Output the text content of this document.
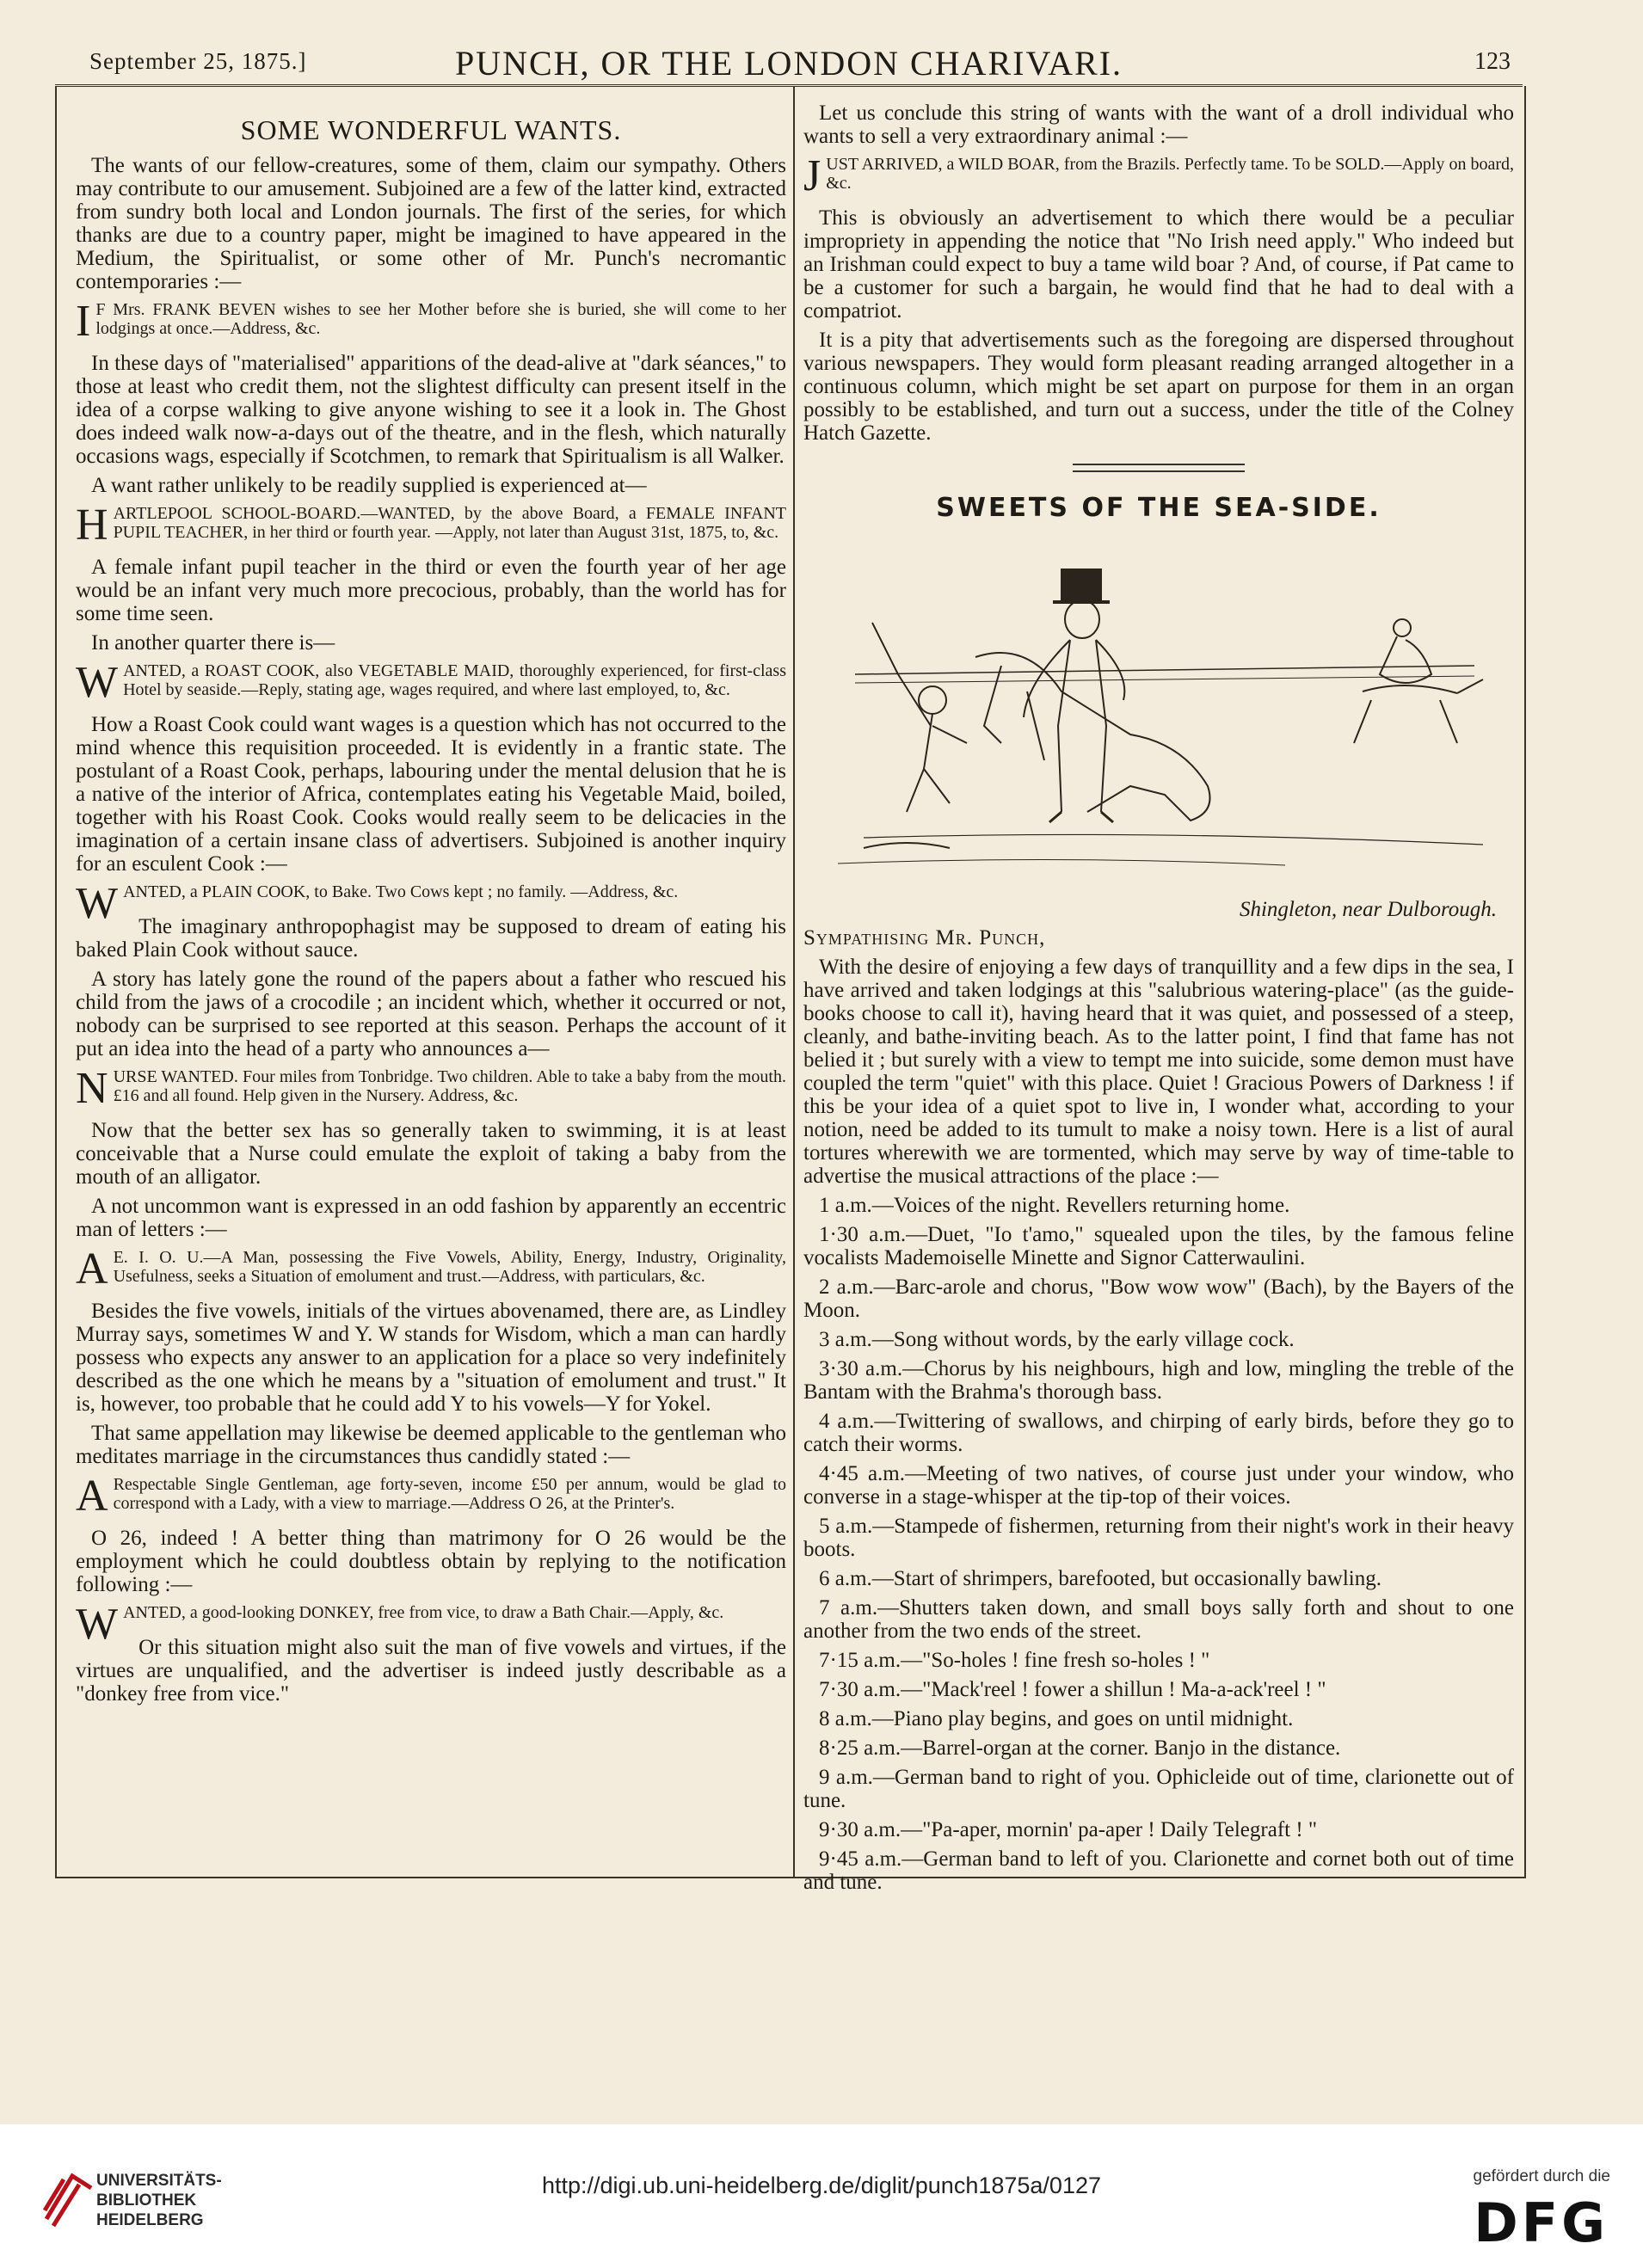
September 25, 1875.]	PUNCH, OR THE LONDON CHARIVARI.	123
SOME WONDERFUL WANTS.

The wants of our fellow-creatures, some of them, claim our sympathy. Others may contribute to our amusement. Subjoined are a few of the latter kind, extracted from sundry both local and London journals. The first of the series, for which thanks are due to a country paper, might be imagined to have appeared in the Medium, the Spiritualist, or some other of Mr. Punch's necromantic contemporaries :—

I F Mrs. FRANK BEVEN wishes to see her Mother before she is buried, she will come to her lodgings at once.—Address, &c.

In these days of "materialised" apparitions of the dead-alive at "dark séances," to those at least who credit them, not the slightest difficulty can present itself in the idea of a corpse walking to give anyone wishing to see it a look in. The Ghost does indeed walk now-a-days out of the theatre, and in the flesh, which naturally occasions wags, especially if Scotchmen, to remark that Spiritualism is all Walker.

A want rather unlikely to be readily supplied is experienced at—

HARTLEPOOL SCHOOL-BOARD.—WANTED, by the above Board, a FEMALE INFANT PUPIL TEACHER, in her third or fourth year. —Apply, not later than August 31st, 1875, to, &c.

A female infant pupil teacher in the third or even the fourth year of her age would be an infant very much more precocious, probably, than the world has for some time seen.

In another quarter there is—

WANTED, a ROAST COOK, also VEGETABLE MAID, thoroughly experienced, for first-class Hotel by seaside.—Reply, stating age, wages required, and where last employed, to, &c.

How a Roast Cook could want wages is a question which has not occurred to the mind whence this requisition proceeded. It is evidently in a frantic state. The postulant of a Roast Cook, perhaps, labouring under the mental delusion that he is a native of the interior of Africa, contemplates eating his Vegetable Maid, boiled, together with his Roast Cook. Cooks would really seem to be delicacies in the imagination of a certain insane class of advertisers. Subjoined is another inquiry for an esculent Cook :—

WANTED, a PLAIN COOK, to Bake. Two Cows kept ; no family. —Address, &c.

The imaginary anthropophagist may be supposed to dream of eating his baked Plain Cook without sauce.

A story has lately gone the round of the papers about a father who rescued his child from the jaws of a crocodile ; an incident which, whether it occurred or not, nobody can be surprised to see reported at this season. Perhaps the account of it put an idea into the head of a party who announces a—

NURSE WANTED. Four miles from Tonbridge. Two children. Able to take a baby from the mouth. £16 and all found. Help given in the Nursery. Address, &c.

Now that the better sex has so generally taken to swimming, it is at least conceivable that a Nurse could emulate the exploit of taking a baby from the mouth of an alligator.

A not uncommon want is expressed in an odd fashion by apparently an eccentric man of letters :—

A E. I. O. U.—A Man, possessing the Five Vowels, Ability, Energy, Industry, Originality, Usefulness, seeks a Situation of emolument and trust.—Address, with particulars, &c.

Besides the five vowels, initials of the virtues abovenamed, there are, as Lindley Murray says, sometimes W and Y. W stands for Wisdom, which a man can hardly possess who expects any answer to an application for a place so very indefinitely described as the one which he means by a "situation of emolument and trust." It is, however, too probable that he could add Y to his vowels—Y for Yokel.

That same appellation may likewise be deemed applicable to the gentleman who meditates marriage in the circumstances thus candidly stated :—

A Respectable Single Gentleman, age forty-seven, income £50 per annum, would be glad to correspond with a Lady, with a view to marriage.—Address O 26, at the Printer's.

O 26, indeed ! A better thing than matrimony for O 26 would be the employment which he could doubtless obtain by replying to the notification following :—

WANTED, a good-looking DONKEY, free from vice, to draw a Bath Chair.—Apply, &c.

Or this situation might also suit the man of five vowels and virtues, if the virtues are unqualified, and the advertiser is indeed justly describable as a "donkey free from vice."

Let us conclude this string of wants with the want of a droll individual who wants to sell a very extraordinary animal :—

JUST ARRIVED, a WILD BOAR, from the Brazils. Perfectly tame. To be SOLD.—Apply on board, &c.

This is obviously an advertisement to which there would be a peculiar impropriety in appending the notice that "No Irish need apply." Who indeed but an Irishman could expect to buy a tame wild boar ? And, of course, if Pat came to be a customer for such a bargain, he would find that he had to deal with a compatriot.

It is a pity that advertisements such as the foregoing are dispersed throughout various newspapers. They would form pleasant reading arranged altogether in a continuous column, which might be set apart on purpose for them in an organ possibly to be established, and turn out a success, under the title of the Colney Hatch Gazette.

SWEETS OF THE SEA-SIDE.
Shingleton, near Dulborough.

Sympathising Mr. Punch,

With the desire of enjoying a few days of tranquillity and a few dips in the sea, I have arrived and taken lodgings at this "salubrious watering-place" (as the guide-books choose to call it), having heard that it was quiet, and possessed of a steep, cleanly, and bathe-inviting beach. As to the latter point, I find that fame has not belied it ; but surely with a view to tempt me into suicide, some demon must have coupled the term "quiet" with this place. Quiet ! Gracious Powers of Darkness ! if this be your idea of a quiet spot to live in, I wonder what, according to your notion, need be added to its tumult to make a noisy town. Here is a list of aural tortures wherewith we are tormented, which may serve by way of time-table to advertise the musical attractions of the place :—

1 a.m.—Voices of the night. Revellers returning home.

1·30 a.m.—Duet, "Io t'amo," squealed upon the tiles, by the famous feline vocalists Mademoiselle Minette and Signor Catterwaulini.

2 a.m.—Barc-arole and chorus, "Bow wow wow" (Bach), by the Bayers of the Moon.

3 a.m.—Song without words, by the early village cock.

3·30 a.m.—Chorus by his neighbours, high and low, mingling the treble of the Bantam with the Brahma's thorough bass.

4 a.m.—Twittering of swallows, and chirping of early birds, before they go to catch their worms.

4·45 a.m.—Meeting of two natives, of course just under your window, who converse in a stage-whisper at the tip-top of their voices.

5 a.m.—Stampede of fishermen, returning from their night's work in their heavy boots.

6 a.m.—Start of shrimpers, barefooted, but occasionally bawling.

7 a.m.—Shutters taken down, and small boys sally forth and shout to one another from the two ends of the street.

7·15 a.m.—"So-holes ! fine fresh so-holes ! "

7·30 a.m.—"Mack'reel ! fower a shillun ! Ma-a-ack'reel ! "

8 a.m.—Piano play begins, and goes on until midnight.

8·25 a.m.—Barrel-organ at the corner. Banjo in the distance.

9 a.m.—German band to right of you. Ophicleide out of time, clarionette out of tune.

9·30 a.m.—"Pa-aper, mornin' pa-aper ! Daily Telegraft ! "

9·45 a.m.—German band to left of you. Clarionette and cornet both out of time and tune.

UNIVERSITÄTS-
BIBLIOTHEK
HEIDELBERG
http://digi.ub.uni-heidelberg.de/diglit/punch1875a/0127	gefördert durch die
DFG
